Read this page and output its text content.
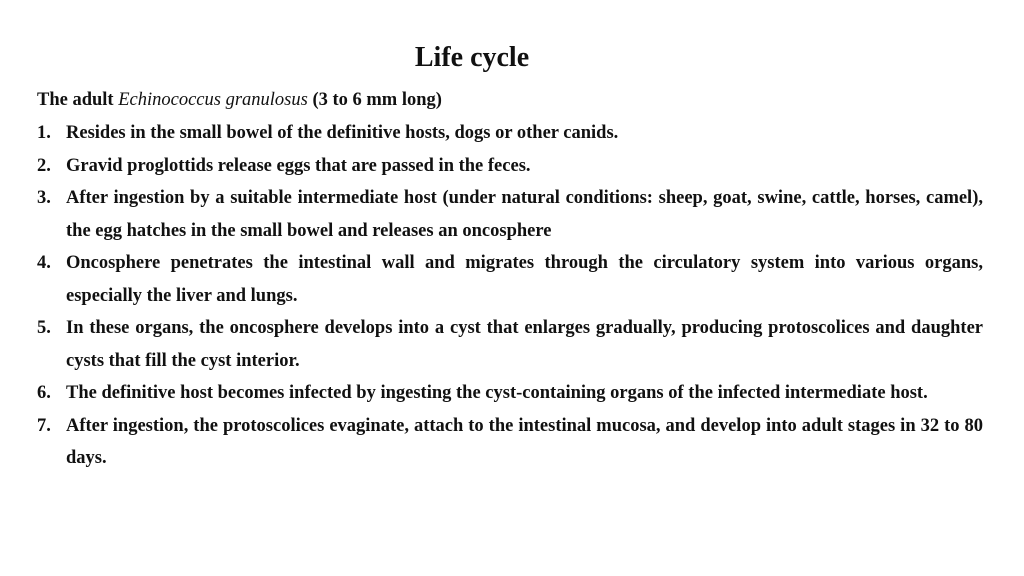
Life cycle
The adult Echinococcus granulosus (3 to 6 mm long)
1. Resides in the small bowel of the definitive hosts, dogs or other canids.
2. Gravid proglottids release eggs that are passed in the feces.
3. After ingestion by a suitable intermediate host (under natural conditions: sheep, goat, swine, cattle, horses, camel), the egg hatches in the small bowel and releases an oncosphere
4. Oncosphere penetrates the intestinal wall and migrates through the circulatory system into various organs, especially the liver and lungs.
5. In these organs, the oncosphere develops into a cyst that enlarges gradually, producing protoscolices and daughter cysts that fill the cyst interior.
6. The definitive host becomes infected by ingesting the cyst-containing organs of the infected intermediate host.
7. After ingestion, the protoscolices evaginate, attach to the intestinal mucosa, and develop into adult stages in 32 to 80 days.
